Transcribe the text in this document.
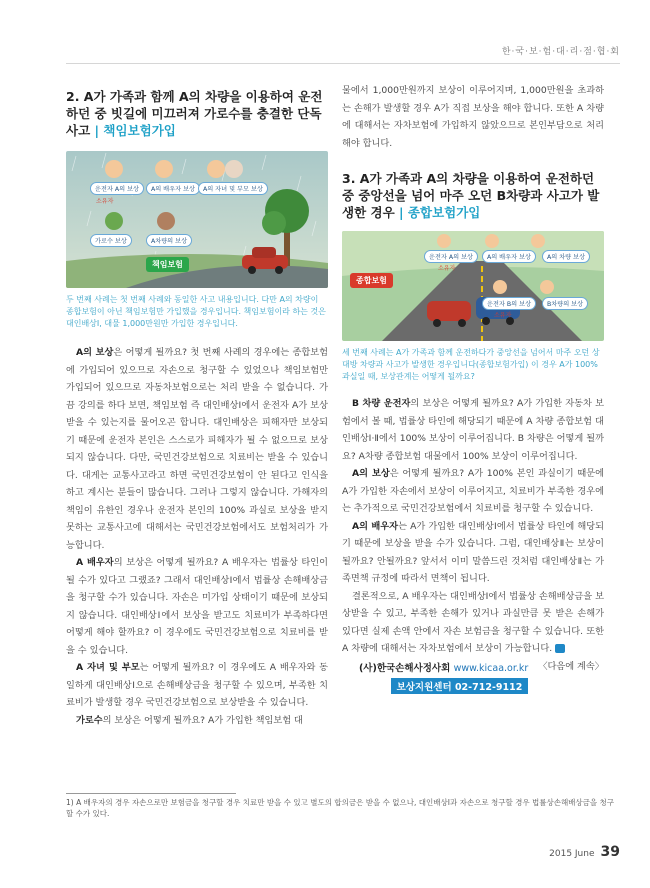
한·국·보·험·대·리·점·협·회
2. A가 가족과 함께 A의 차량을 이용하여 운전하던 중 빗길에 미끄러져 가로수를 충결한 단독사고 | 책임보험가입
운전자 A의 보상	A의 배우자 보상	A의 자녀 및 부모 보상
소유자
가로수 보상	A차량의 보상
책임보험

두 번째 사례는 첫 번째 사례와 동일한 사고 내용입니다. 다만 A의 차량이 종합보험이 아닌 책임보험만 가입했을 경우입니다. 책임보험이라 하는 것은 대인배상Ⅰ, 대물 1,000만원만 가입한 경우입니다.

A의 보상은 어떻게 될까요? 첫 번째 사례의 경우에는 종합보험에 가입되어 있으므로 자손으로 청구할 수 있었으나 책임보험만 가입되어 있으므로 자동차보험으로는 처리 받을 수 없습니다. 가끔 강의를 하다 보면, 책임보험 즉 대인배상Ⅰ에서 운전자 A가 보상받을 수 있는지를 물어오곤 합니다. 대인배상은 피해자만 보상되기 때문에 운전자 본인은 스스로가 피해자가 될 수 없으므로 보상되지 않습니다. 다만, 국민건강보험으로 치료비는 받을 수 있습니다. 대게는 교통사고라고 하면 국민건강보험이 안 된다고 인식을 하고 계시는 분들이 많습니다. 그러나 그렇지 않습니다. 가해자의 책임이 유한인 경우나 운전자 본인의 100% 과실로 보상을 받지 못하는 교통사고에 대해서는 국민건강보험에서도 보험처리가 가능합니다.

A 배우자의 보상은 어떻게 될까요? A 배우자는 법률상 타인이 될 수가 있다고 그랬죠? 그래서 대인배상Ⅰ에서 법률상 손해배상금을 청구할 수가 있습니다. 자손은 미가입 상태이기 때문에 보상되지 않습니다. 대인배상Ⅰ에서 보상을 받고도 치료비가 부족하다면 어떻게 해야 할까요? 이 경우에도 국민건강보험으로 치료비를 받을 수 있습니다.

A 자녀 및 부모는 어떻게 될까요? 이 경우에도 A 배우자와 동일하게 대인배상Ⅰ으로 손해배상금을 청구할 수 있으며, 부족한 치료비가 발생할 경우 국민건강보험으로 보상받을 수 있습니다.

가로수의 보상은 어떻게 될까요? A가 가입한 책임보험 대

물에서 1,000만원까지 보상이 이루어지며, 1,000만원을 초과하는 손해가 발생할 경우 A가 직접 보상을 해야 합니다. 또한 A 차량에 대해서는 자차보험에 가입하지 않았으므로 본인부담으로 처리해야 합니다.

3. A가 가족과 A의 차량을 이용하여 운전하던 중 중앙선을 넘어 마주 오던 B차량과 사고가 발생한 경우 | 종합보험가입
운전자 A의 보상	A의 배우자 보상	A의 차량 보상
소유자
운전자 B의 보상	B차량의 보상
소유자
종합보험

세 번째 사례는 A가 가족과 함께 운전하다가 중앙선을 넘어서 마주 오던 상대방 차량과 사고가 발생한 경우입니다(종합보험가입) 이 경우 A가 100% 과실일 때, 보상관계는 어떻게 될까요?

B 차량 운전자의 보상은 어떻게 될까요? A가 가입한 자동차 보험에서 볼 때, 법률상 타인에 해당되기 때문에 A 차량 종합보험 대인배상Ⅰ·Ⅱ에서 100% 보상이 이루어집니다. B 차량은 어떻게 될까요? A차량 종합보험 대물에서 100% 보상이 이루어집니다.

A의 보상은 어떻게 될까요? A가 100% 본인 과실이기 때문에 A가 가입한 자손에서 보상이 이루어지고, 치료비가 부족한 경우에는 추가적으로 국민건강보험에서 치료비를 청구할 수 있습니다.

A의 배우자는 A가 가입한 대인배상Ⅰ에서 법률상 타인에 해당되기 때문에 보상을 받을 수가 있습니다. 그럼, 대인배상Ⅱ는 보상이 될까요? 안될까요? 앞서서 이미 말씀드린 것처럼 대인배상Ⅱ는 가족면책 규정에 따라서 면책이 됩니다.

결론적으로, A 배우자는 대인배상Ⅰ에서 법률상 손해배상금을 보상받을 수 있고, 부족한 손해가 있거나 과실만큼 못 받은 손해가 있다면 실제 손액 안에서 자손 보험금을 청구할 수 있습니다. 또한 A 차량에 대해서는 자차보험에서 보상이 가능합니다. in
〈다음에 계속〉

(사)한국손해사정사회 www.kicaa.or.kr
보상지원센터 02-712-9112
1) A 배우자의 경우 자손으로만 보험금을 청구할 경우 치료만 받을 수 있고 별도의 합의금은 받을 수 없으나, 대인배상Ⅰ과 자손으로 청구할 경우 법률상손해배상금을 청구할 수가 있다.
2015 June 39
